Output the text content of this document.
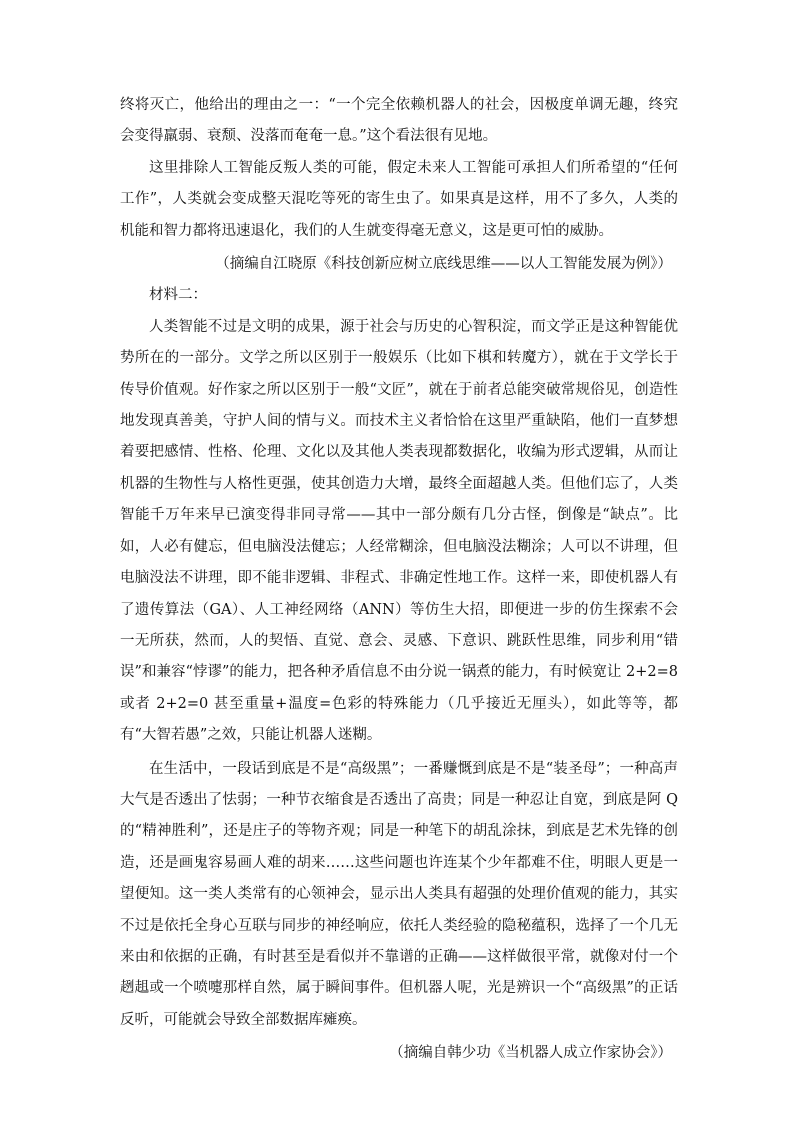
终将灭亡，他给出的理由之一：“一个完全依赖机器人的社会，因极度单调无趣，终究会变得羸弱、衰颓、没落而奄奄一息。”这个看法很有见地。

这里排除人工智能反叛人类的可能，假定未来人工智能可承担人们所希望的“任何工作”，人类就会变成整天混吃等死的寄生虫了。如果真是这样，用不了多久，人类的机能和智力都将迅速退化，我们的人生就变得毫无意义，这是更可怕的威胁。

（摘编自江晓原《科技创新应树立底线思维——以人工智能发展为例》）

材料二：

人类智能不过是文明的成果，源于社会与历史的心智积淀，而文学正是这种智能优势所在的一部分。文学之所以区别于一般娱乐（比如下棋和转魔方），就在于文学长于传导价值观。好作家之所以区别于一般“文匠”，就在于前者总能突破常规俗见，创造性地发现真善美，守护人间的情与义。而技术主义者恰恰在这里严重缺陷，他们一直梦想着要把感情、性格、伦理、文化以及其他人类表现都数据化，收编为形式逻辑，从而让机器的生物性与人格性更强，使其创造力大增，最终全面超越人类。但他们忘了，人类智能千万年来早已演变得非同寻常——其中一部分颇有几分古怪，倒像是“缺点”。比如，人必有健忘，但电脑没法健忘；人经常糊涂，但电脑没法糊涂；人可以不讲理，但电脑没法不讲理，即不能非逻辑、非程式、非确定性地工作。这样一来，即使机器人有了遗传算法（GA）、人工神经网络（ANN）等仿生大招，即便进一步的仿生探索不会一无所获，然而，人的契悟、直觉、意会、灵感、下意识、跳跃性思维，同步利用“错误”和兼容“悖谬”的能力，把各种矛盾信息不由分说一锅煮的能力，有时候宽让 2+2=8 或者 2+2=0 甚至重量+温度=色彩的特殊能力（几乎接近无厘头），如此等等，都有“大智若愚”之效，只能让机器人迷糊。

在生活中，一段话到底是不是“高级黑”；一番赚慨到底是不是“装圣母”；一种高声大气是否透出了怯弱；一种节衣缩食是否透出了高贵；同是一种忍让自宽，到底是阿 Q 的“精神胜利”，还是庄子的等物齐观；同是一种笔下的胡乱涂抹，到底是艺术先锋的创造，还是画鬼容易画人难的胡来……这些问题也许连某个少年都难不住，明眼人更是一望便知。这一类人类常有的心领神会，显示出人类具有超强的处理价值观的能力，其实不过是依托全身心互联与同步的神经响应，依托人类经验的隐秘蕴积，选择了一个几无来由和依据的正确，有时甚至是看似并不靠谱的正确——这样做很平常，就像对付一个趔趄或一个喷嚏那样自然，属于瞬间事件。但机器人呢，光是辨识一个“高级黑”的正话反听，可能就会导致全部数据库瘫痪。

（摘编自韩少功《当机器人成立作家协会》）
